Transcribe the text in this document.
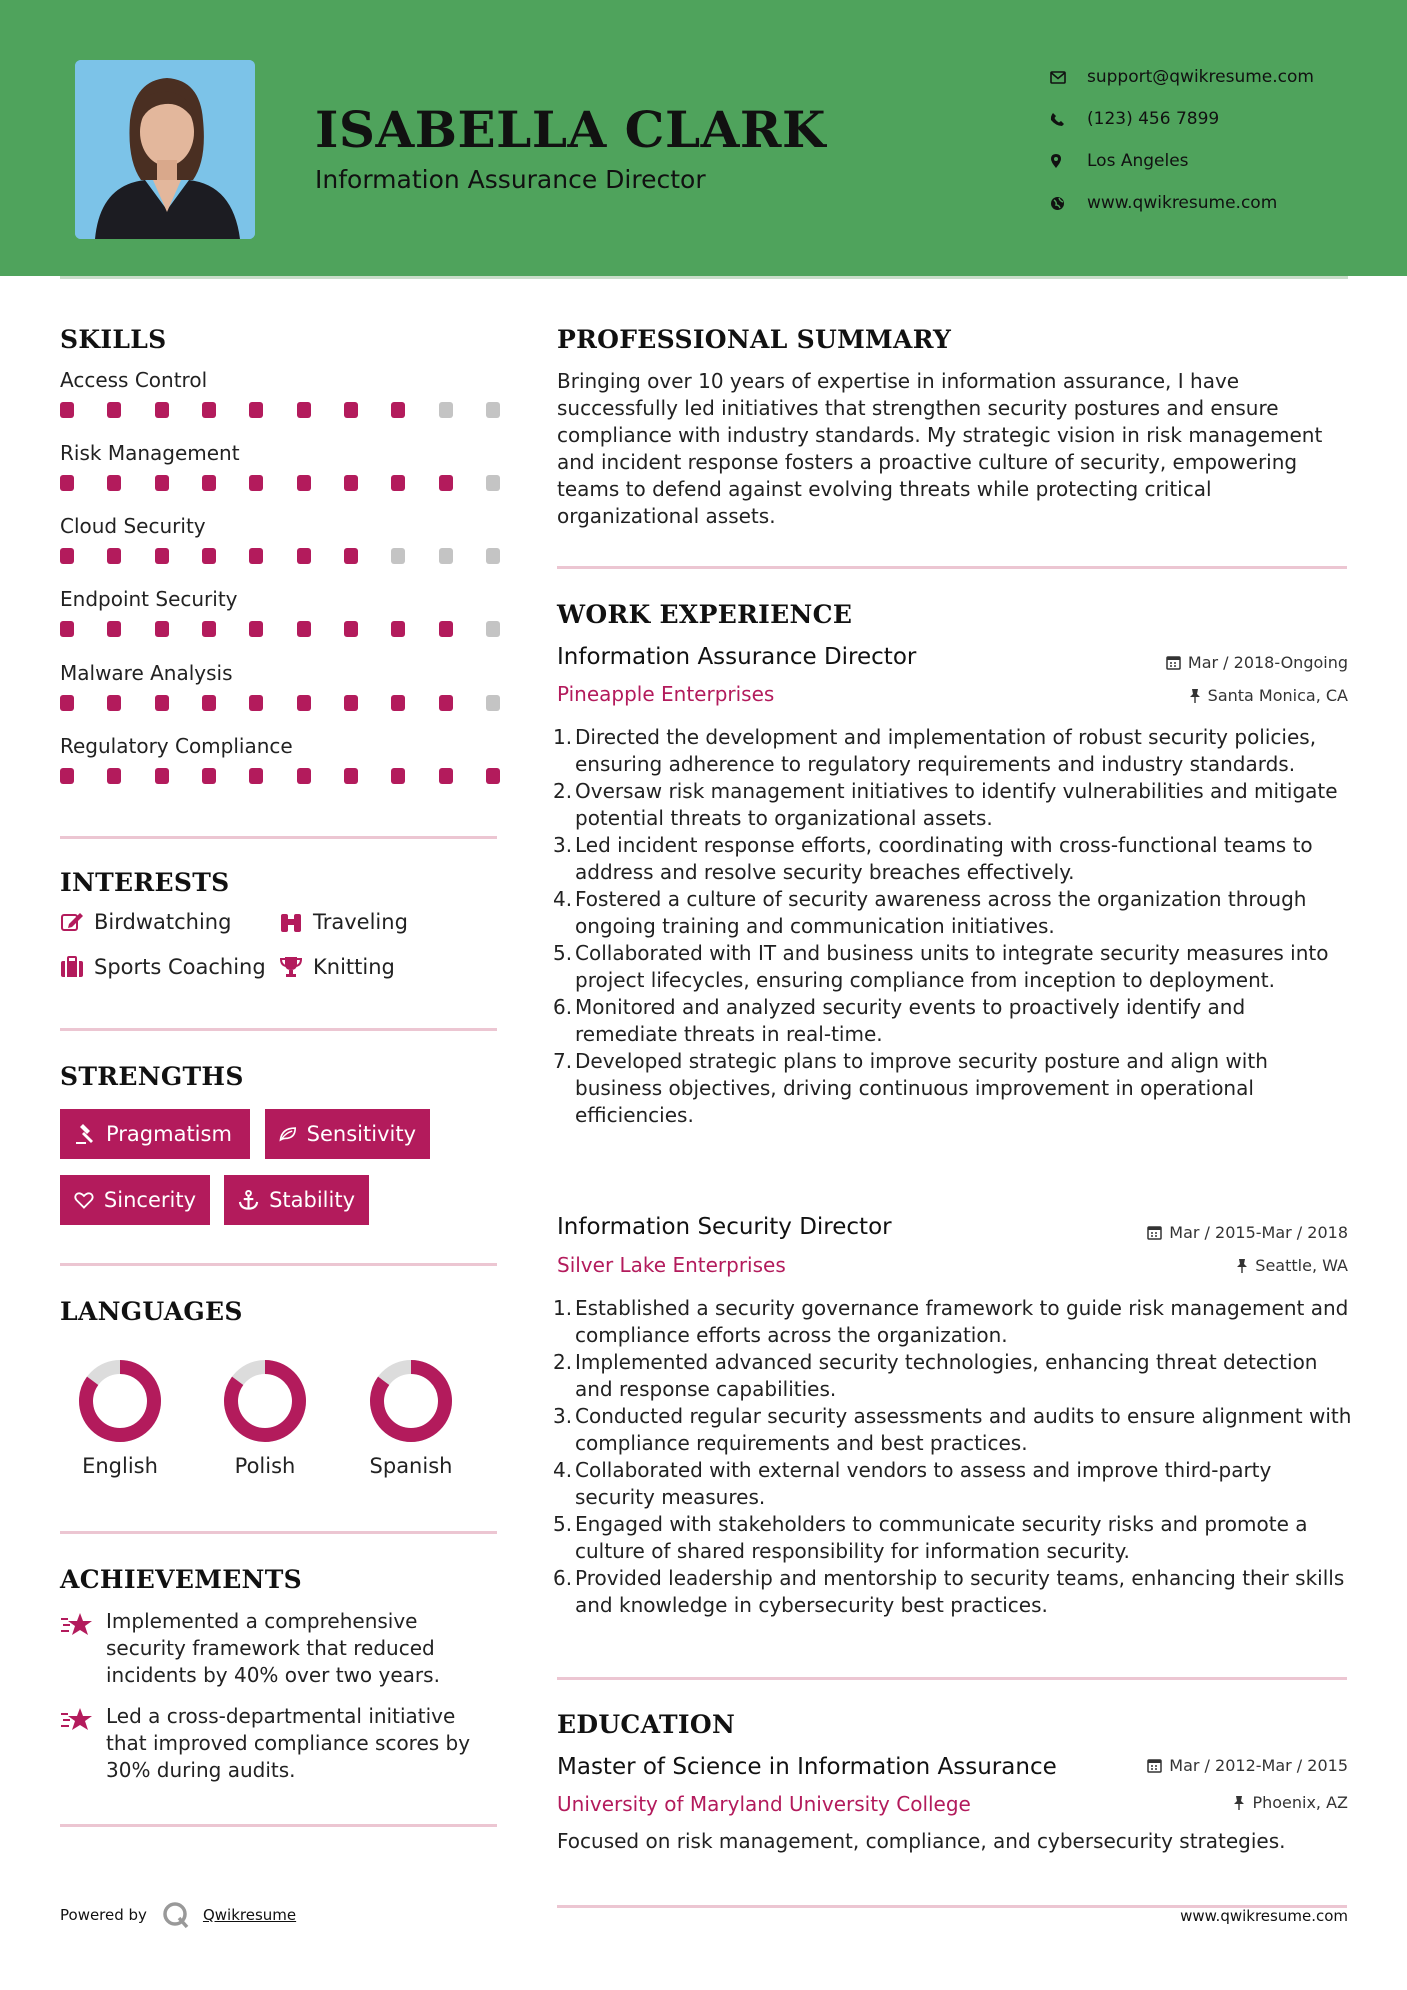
ISABELLA CLARK
Information Assurance Director
support@qwikresume.com
(123) 456 7899
Los Angeles
www.qwikresume.com
SKILLS
Access Control
Risk Management
Cloud Security
Endpoint Security
Malware Analysis
Regulatory Compliance
INTERESTS
Birdwatching	Traveling
Sports Coaching Knitting
STRENGTHS
Pragmatism	Sensitivity
Sincerity	Stability
LANGUAGES
English	Polish	Spanish
ACHIEVEMENTS
Implemented a comprehensive security framework that reduced incidents by 40% over two years.
Led a cross-departmental initiative that improved compliance scores by 30% during audits.
PROFESSIONAL SUMMARY
Bringing over 10 years of expertise in information assurance, I have successfully led initiatives that strengthen security postures and ensure compliance with industry standards. My strategic vision in risk management and incident response fosters a proactive culture of security, empowering teams to defend against evolving threats while protecting critical organizational assets.
WORK EXPERIENCE
Information Assurance Director	Mar / 2018-Ongoing
Pineapple Enterprises	Santa Monica, CA
1. Directed the development and implementation of robust security policies, ensuring adherence to regulatory requirements and industry standards.
2. Oversaw risk management initiatives to identify vulnerabilities and mitigate potential threats to organizational assets.
3. Led incident response efforts, coordinating with cross-functional teams to address and resolve security breaches effectively.
4. Fostered a culture of security awareness across the organization through ongoing training and communication initiatives.
5. Collaborated with IT and business units to integrate security measures into project lifecycles, ensuring compliance from inception to deployment.
6. Monitored and analyzed security events to proactively identify and remediate threats in real-time.
7. Developed strategic plans to improve security posture and align with business objectives, driving continuous improvement in operational efficiencies.
Information Security Director	Mar / 2015-Mar / 2018
Silver Lake Enterprises	Seattle, WA
1. Established a security governance framework to guide risk management and compliance efforts across the organization.
2. Implemented advanced security technologies, enhancing threat detection and response capabilities.
3. Conducted regular security assessments and audits to ensure alignment with compliance requirements and best practices.
4. Collaborated with external vendors to assess and improve third-party security measures.
5. Engaged with stakeholders to communicate security risks and promote a culture of shared responsibility for information security.
6. Provided leadership and mentorship to security teams, enhancing their skills and knowledge in cybersecurity best practices.
EDUCATION
Master of Science in Information Assurance	Mar / 2012-Mar / 2015
University of Maryland University College	Phoenix, AZ
Focused on risk management, compliance, and cybersecurity strategies.
Powered by	Qwikresume	www.qwikresume.com
